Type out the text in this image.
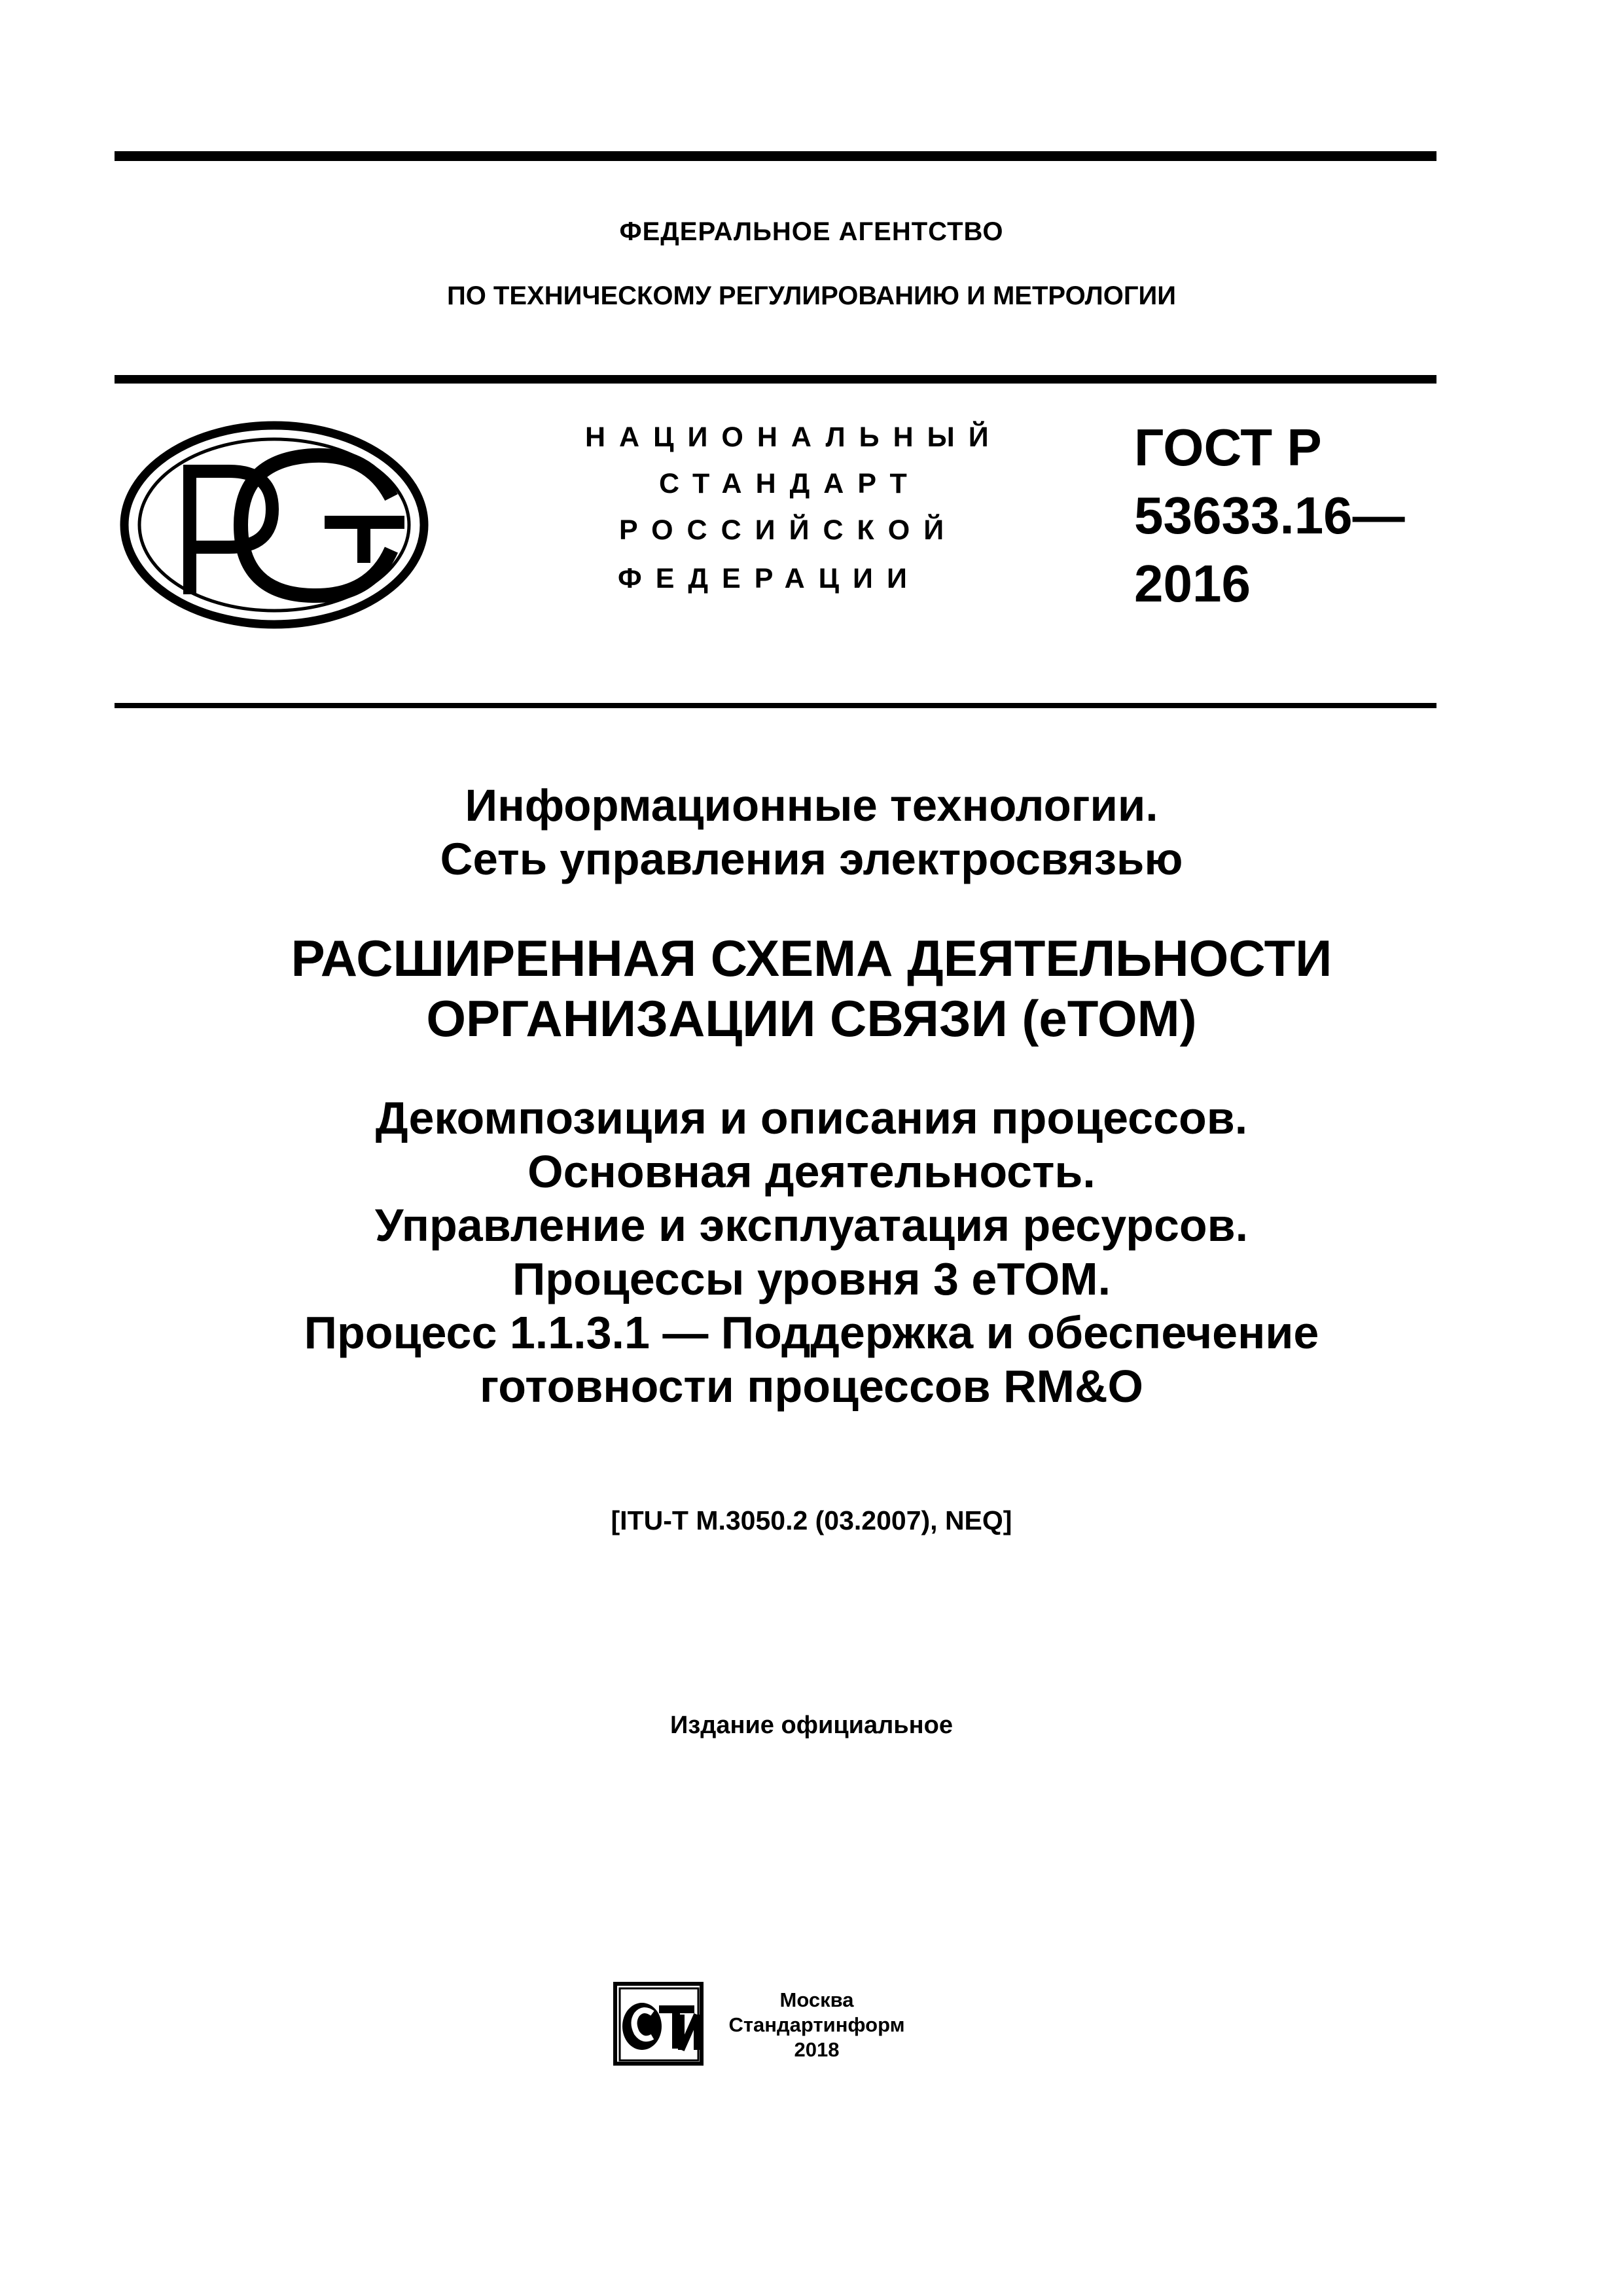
ФЕДЕРАЛЬНОЕ АГЕНТСТВО
ПО ТЕХНИЧЕСКОМУ РЕГУЛИРОВАНИЮ И МЕТРОЛОГИИ
НАЦИОНАЛЬНЫЙ
СТАНДАРТ
РОССИЙСКОЙ
ФЕДЕРАЦИИ
ГОСТ Р
53633.16—
2016
Информационные технологии.
Сеть управления электросвязью
РАСШИРЕННАЯ СХЕМА ДЕЯТЕЛЬНОСТИ
ОРГАНИЗАЦИИ СВЯЗИ (eTOM)
Декомпозиция и описания процессов.
Основная деятельность.
Управление и эксплуатация ресурсов.
Процессы уровня 3 eTOM.
Процесс 1.1.3.1 — Поддержка и обеспечение
готовности процессов RM&O
[ITU-T M.3050.2 (03.2007), NEQ]
Издание официальное
Москва
Стандартинформ
2018
